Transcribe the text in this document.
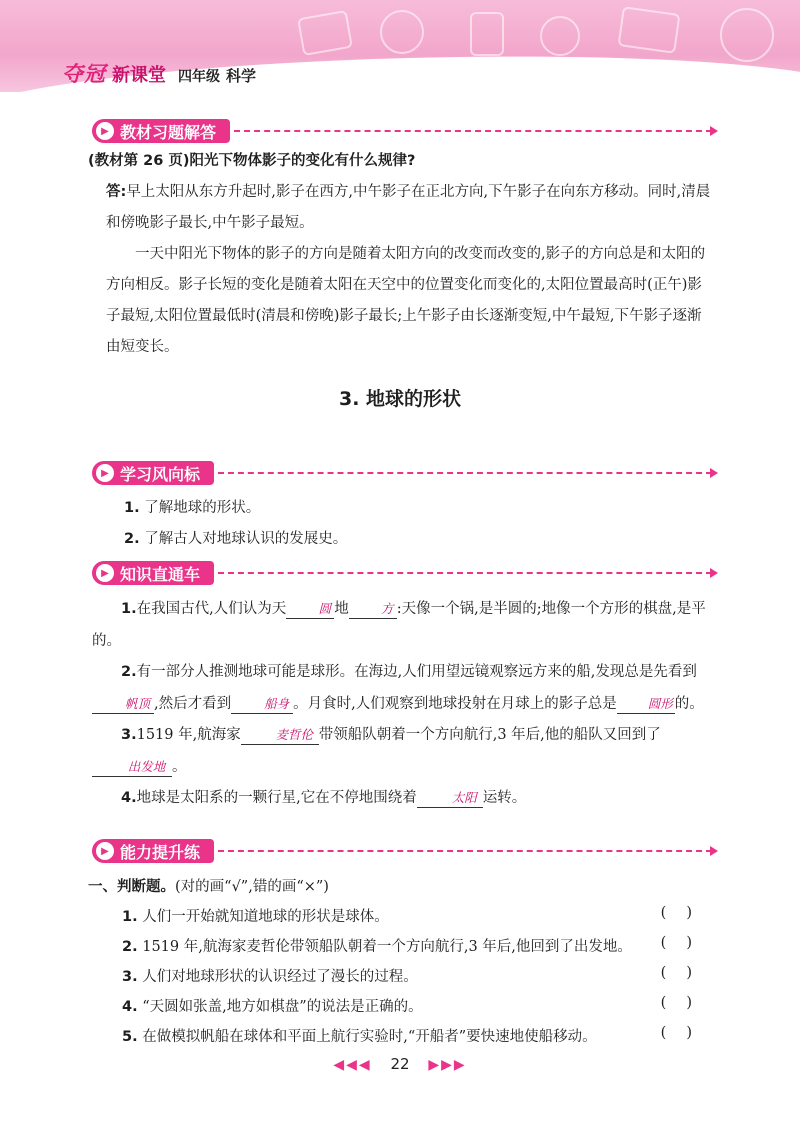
夺冠 新课堂 四年级 科学
▶ 教材习题解答
(教材第 26 页)阳光下物体影子的变化有什么规律?
答:早上太阳从东方升起时,影子在西方,中午影子在正北方向,下午影子在向东方移动。同时,清晨和傍晚影子最长,中午影子最短。
一天中阳光下物体的影子的方向是随着太阳方向的改变而改变的,影子的方向总是和太阳的方向相反。影子长短的变化是随着太阳在天空中的位置变化而变化的,太阳位置最高时(正午)影子最短,太阳位置最低时(清晨和傍晚)影子最长;上午影子由长逐渐变短,中午最短,下午影子逐渐由短变长。
3. 地球的形状
▶ 学习风向标
1. 了解地球的形状。
2. 了解古人对地球认识的发展史。
▶ 知识直通车
1.在我国古代,人们认为天	圆 地	方 :天像一个锅,是半圆的;地像一个方形的棋盘,是平的。
2.有一部分人推测地球可能是球形。在海边,人们用望远镜观察远方来的船,发现总是先看到帆顶 ,然后才看到	船身 。月食时,人们观察到地球投射在月球上的影子总是 圆形 的。
3.1519 年,航海家	麦哲伦 带领船队朝着一个方向航行,3 年后,他的船队又回到了出发地 。
4.地球是太阳系的一颗行星,它在不停地围绕着	太阳 运转。
▶ 能力提升练
一、判断题。(对的画“√”,错的画“×”)
1. 人们一开始就知道地球的形状是球体。	()
2. 1519 年,航海家麦哲伦带领船队朝着一个方向航行,3 年后,他回到了出发地。 ()
3. 人们对地球形状的认识经过了漫长的过程。	()
4. “天圆如张盖,地方如棋盘”的说法是正确的。	()
5. 在做模拟帆船在球体和平面上航行实验时,“开船者”要快速地使船移动。	()
◀◀◀ 22 ▶▶▶
